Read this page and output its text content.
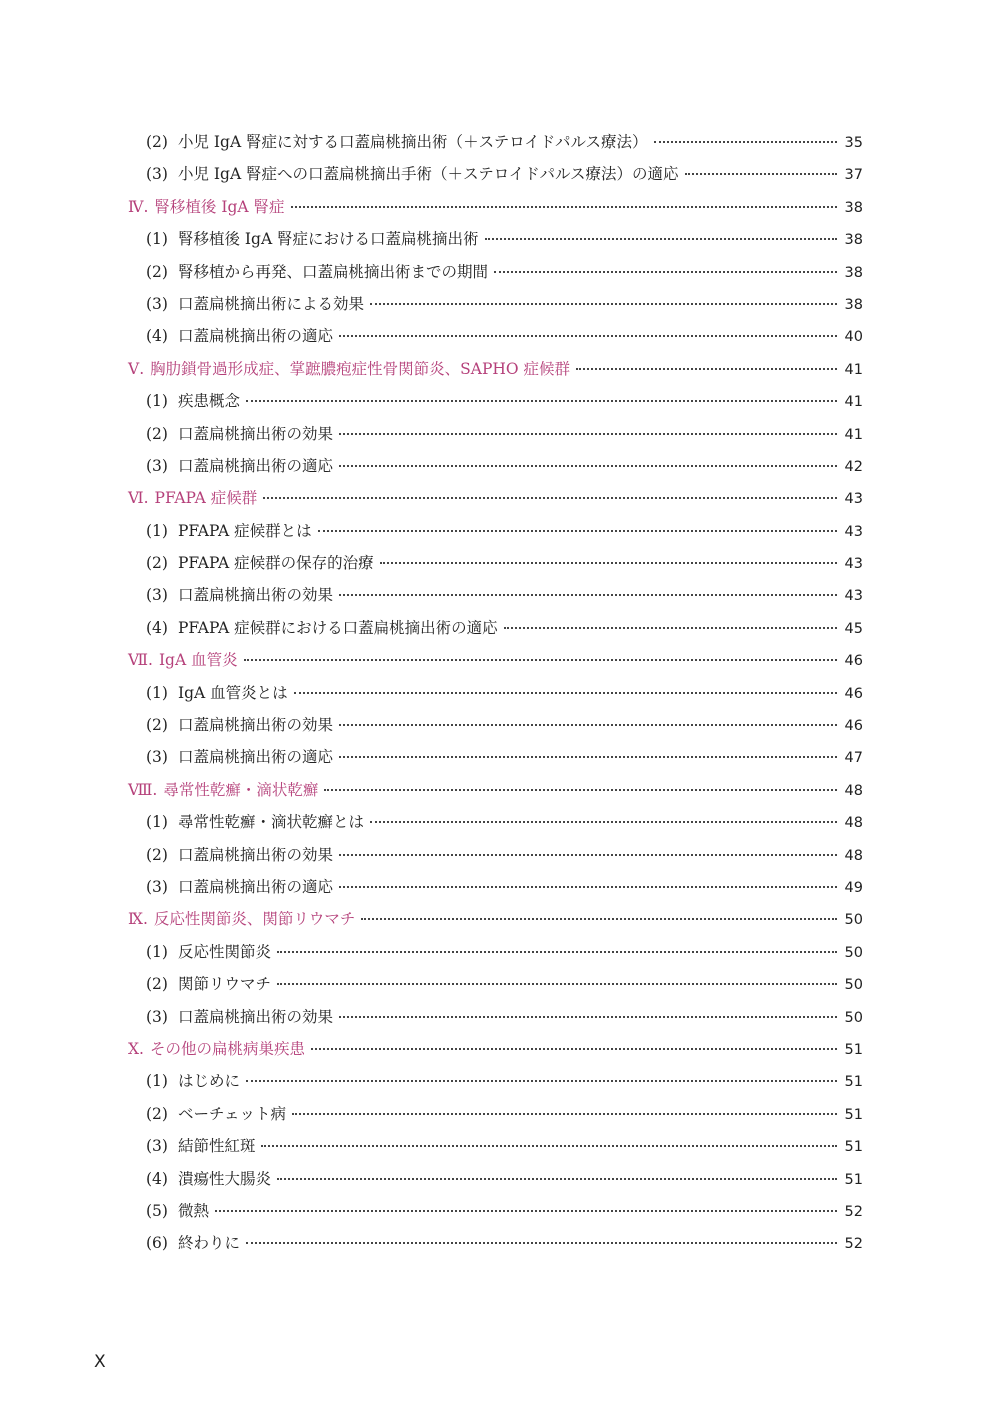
(2) 小児 IgA 腎症に対する口蓋扁桃摘出術（＋ステロイドパルス療法）	35
(3) 小児 IgA 腎症への口蓋扁桃摘出手術（＋ステロイドパルス療法）の適応	37
Ⅳ. 腎移植後 IgA 腎症	38
(1) 腎移植後 IgA 腎症における口蓋扁桃摘出術	38
(2) 腎移植から再発、口蓋扁桃摘出術までの期間	38
(3) 口蓋扁桃摘出術による効果	38
(4) 口蓋扁桃摘出術の適応	40
Ⅴ. 胸肋鎖骨過形成症、掌蹠膿疱症性骨関節炎、SAPHO 症候群	41
(1) 疾患概念	41
(2) 口蓋扁桃摘出術の効果	41
(3) 口蓋扁桃摘出術の適応	42
Ⅵ. PFAPA 症候群	43
(1) PFAPA 症候群とは	43
(2) PFAPA 症候群の保存的治療	43
(3) 口蓋扁桃摘出術の効果	43
(4) PFAPA 症候群における口蓋扁桃摘出術の適応	45
Ⅶ. IgA 血管炎	46
(1) IgA 血管炎とは	46
(2) 口蓋扁桃摘出術の効果	46
(3) 口蓋扁桃摘出術の適応	47
Ⅷ. 尋常性乾癬・滴状乾癬	48
(1) 尋常性乾癬・滴状乾癬とは	48
(2) 口蓋扁桃摘出術の効果	48
(3) 口蓋扁桃摘出術の適応	49
Ⅸ. 反応性関節炎、関節リウマチ	50
(1) 反応性関節炎	50
(2) 関節リウマチ	50
(3) 口蓋扁桃摘出術の効果	50
Ⅹ. その他の扁桃病巣疾患	51
(1) はじめに	51
(2) ベーチェット病	51
(3) 結節性紅斑	51
(4) 潰瘍性大腸炎	51
(5) 微熱	52
(6) 終わりに	52
X
